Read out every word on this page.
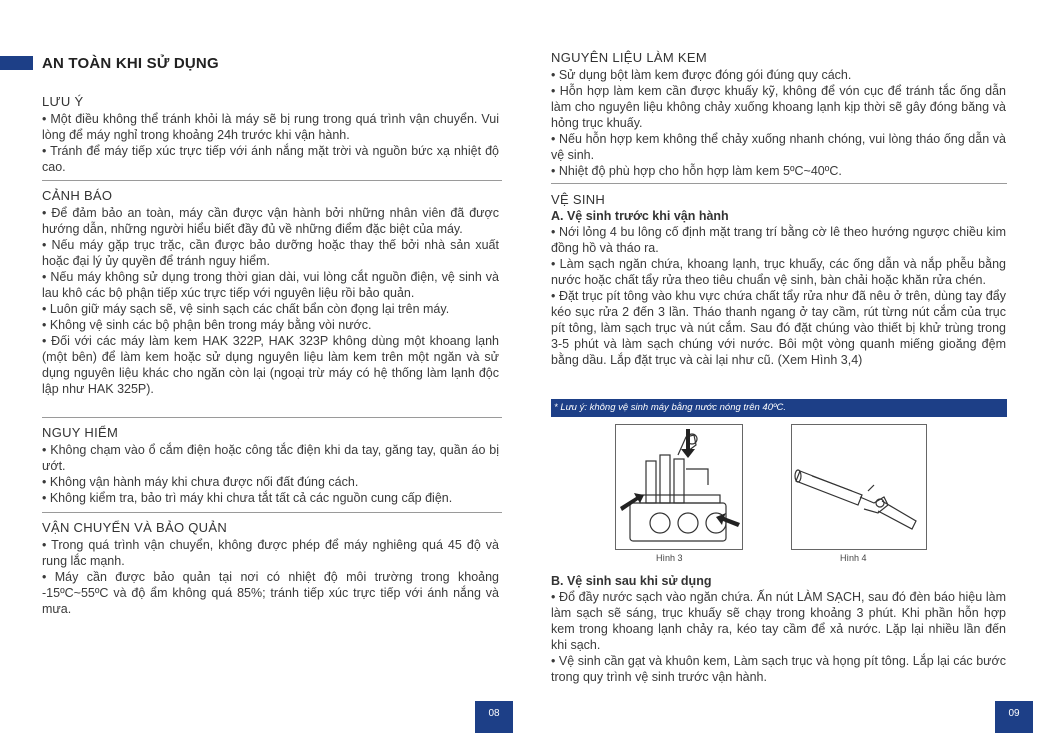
AN TOÀN KHI SỬ DỤNG
LƯU Ý

• Một điều không thể tránh khỏi là máy sẽ bị rung trong quá trình vận chuyển. Vui lòng để máy nghỉ trong khoảng 24h trước khi vận hành.

• Tránh để máy tiếp xúc trực tiếp với ánh nắng mặt trời và nguồn bức xạ nhiệt độ cao.

CẢNH BÁO

• Để đảm bảo an toàn, máy cần được vận hành bởi những nhân viên đã được hướng dẫn, những người hiểu biết đầy đủ về những điểm đặc biệt của máy.

• Nếu máy gặp trục trặc, cần được bảo dưỡng hoặc thay thế bởi nhà sản xuất hoặc đại lý ủy quyền để tránh nguy hiểm.

• Nếu máy không sử dụng trong thời gian dài, vui lòng cắt nguồn điện, vệ sinh và lau khô các bộ phận tiếp xúc trực tiếp với nguyên liệu rồi bảo quản.

• Luôn giữ máy sạch sẽ, vệ sinh sạch các chất bẩn còn đọng lại trên máy.

• Không vệ sinh các bộ phận bên trong máy bằng vòi nước.

• Đối với các máy làm kem HAK 322P, HAK 323P không dùng một khoang lạnh (một bên) để làm kem hoặc sử dụng nguyên liệu làm kem trên một ngăn và sử dụng nguyên liệu khác cho ngăn còn lại (ngoại trừ máy có hệ thống làm lạnh độc lập như HAK 325P).

NGUY HIỂM

• Không chạm vào ổ cắm điện hoặc công tắc điện khi da tay, găng tay, quần áo bị ướt.

• Không vận hành máy khi chưa được nối đất đúng cách.

• Không kiểm tra, bảo trì máy khi chưa tắt tất cả các nguồn cung cấp điện.

VẬN CHUYỂN VÀ BẢO QUẢN

• Trong quá trình vận chuyển, không được phép để máy nghiêng quá 45 độ và rung lắc mạnh.

• Máy cần được bảo quản tại nơi có nhiệt độ môi trường trong khoảng -15ºC~55ºC và độ ẩm không quá 85%; tránh tiếp xúc trực tiếp với ánh nắng và mưa.

08
NGUYÊN LIỆU LÀM KEM

• Sử dụng bột làm kem được đóng gói đúng quy cách.

• Hỗn hợp làm kem cần được khuấy kỹ, không để vón cục để tránh tắc ống dẫn làm cho nguyên liệu không chảy xuống khoang lạnh kịp thời sẽ gây đóng băng và hỏng trục khuấy.

• Nếu hỗn hợp kem không thể chảy xuống nhanh chóng, vui lòng tháo ống dẫn và vệ sinh.

• Nhiệt độ phù hợp cho hỗn hợp làm kem 5ºC~40ºC.

VỆ SINH
A. Vệ sinh trước khi vận hành

• Nới lỏng 4 bu lông cố định mặt trang trí bằng cờ lê theo hướng ngược chiều kim đồng hồ và tháo ra.

• Làm sạch ngăn chứa, khoang lạnh, trục khuấy, các ống dẫn và nắp phễu bằng nước hoặc chất tẩy rửa theo tiêu chuẩn vệ sinh, bàn chải hoặc khăn rửa chén.

• Đặt trục pít tông vào khu vực chứa chất tẩy rửa như đã nêu ở trên, dùng tay đẩy kéo sục rửa 2 đến 3 lần. Tháo thanh ngang ở tay cầm, rút từng nút cắm của trục pít tông, làm sạch trục và nút cắm. Sau đó đặt chúng vào thiết bị khử trùng trong 3-5 phút và làm sạch chúng với nước. Bôi một vòng quanh miếng gioăng đệm bằng dầu. Lắp đặt trục và cài lại như cũ. (Xem Hình 3,4)

* Lưu ý: không vệ sinh máy bằng nước nóng trên 40ºC.
Hình 3	Hình 4
B. Vệ sinh sau khi sử dụng

• Đổ đầy nước sạch vào ngăn chứa. Ấn nút LÀM SẠCH, sau đó đèn báo hiệu làm làm sạch sẽ sáng, trục khuấy sẽ chạy trong khoảng 3 phút. Khi phần hỗn hợp kem trong khoang lạnh chảy ra, kéo tay cầm để xả nước. Lặp lại nhiều lần đến khi sạch.

• Vệ sinh cần gạt và khuôn kem, Làm sạch trục và họng pít tông. Lắp lại các bước trong quy trình vệ sinh trước vận hành.

09
